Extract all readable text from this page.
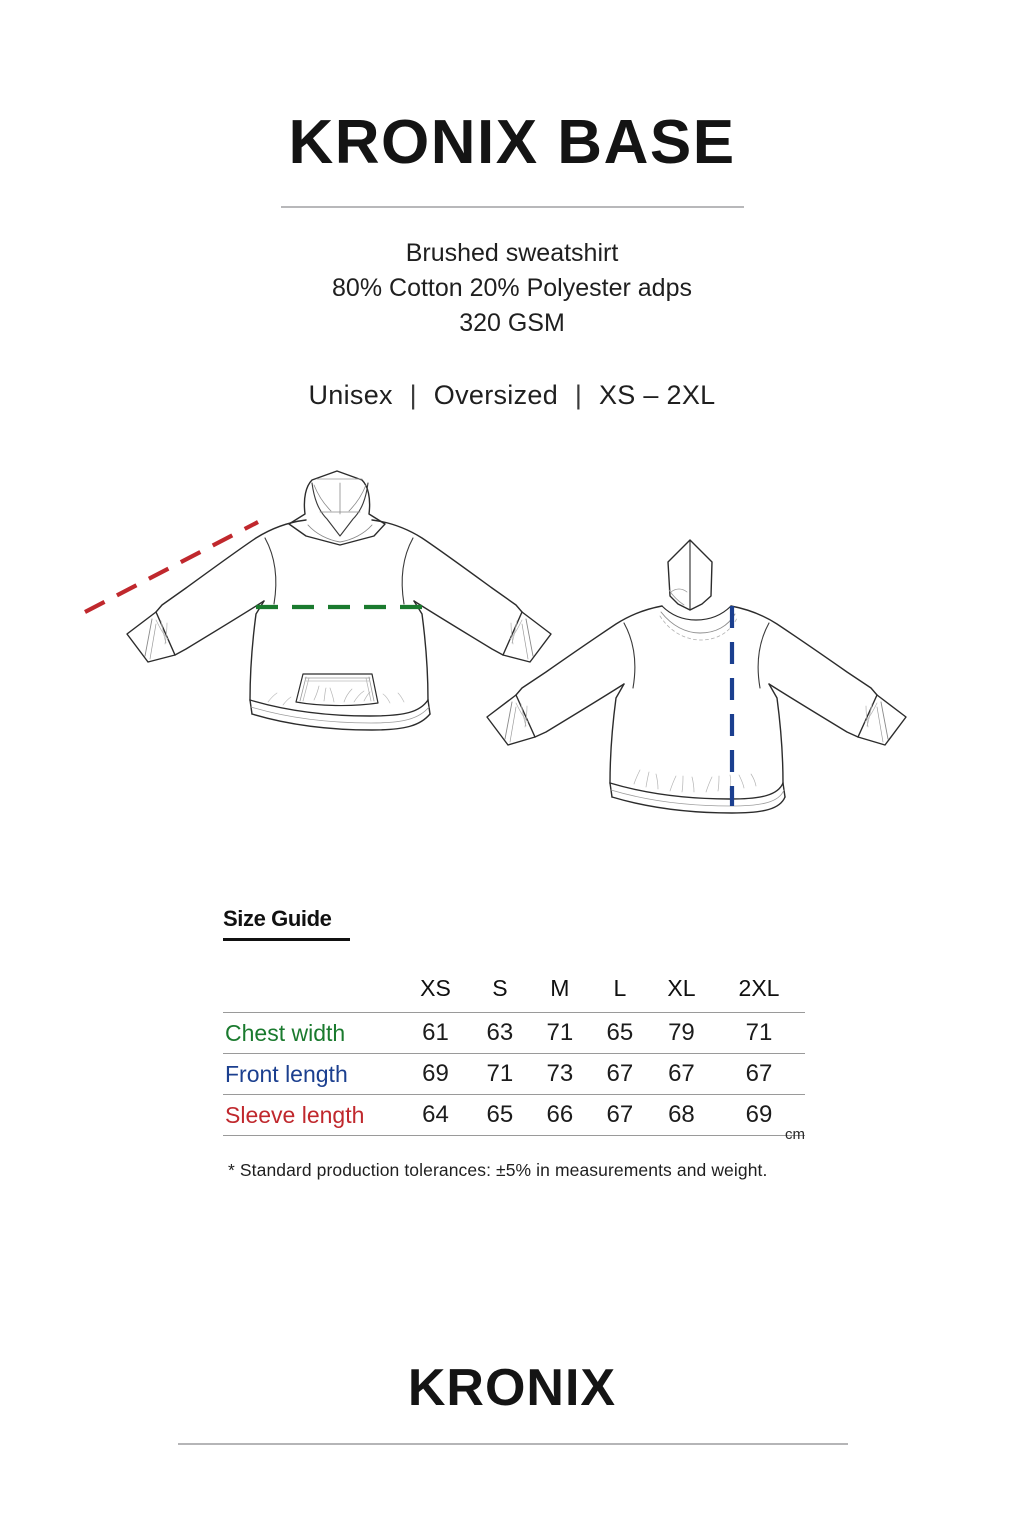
KRONIX BASE
Brushed sweatshirt
80% Cotton 20% Polyester adps
320 GSM
Unisex | Oversized | XS – 2XL
Size Guide
	XS	S	M	L	XL	2XL
Chest width	61	63	71	65	79	71
Front length	69	71	73	67	67	67
Sleeve length	64	65	66	67	68	69
cm
* Standard production tolerances: ±5% in measurements and weight.
KRONIX
